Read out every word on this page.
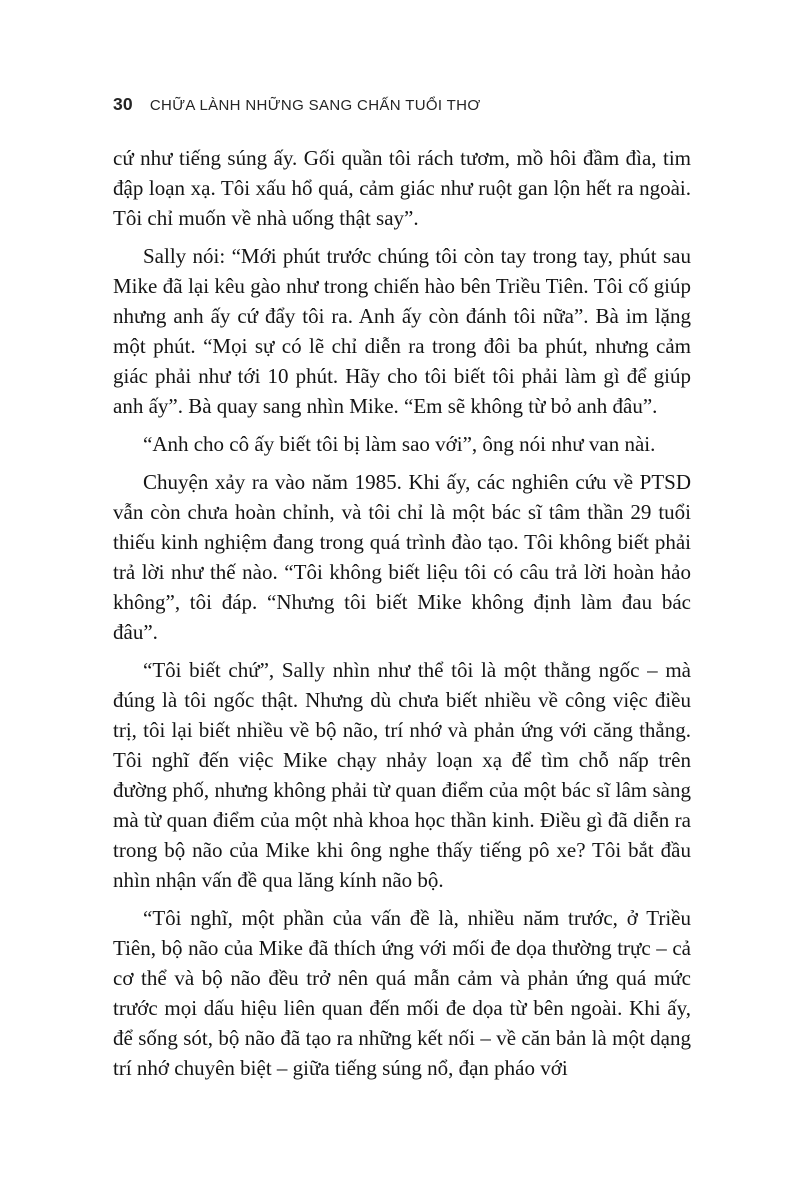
30 CHỮA LÀNH NHỮNG SANG CHẤN TUỔI THƠ

cứ như tiếng súng ấy. Gối quần tôi rách tươm, mồ hôi đầm đìa, tim đập loạn xạ. Tôi xấu hổ quá, cảm giác như ruột gan lộn hết ra ngoài. Tôi chỉ muốn về nhà uống thật say”.

Sally nói: “Mới phút trước chúng tôi còn tay trong tay, phút sau Mike đã lại kêu gào như trong chiến hào bên Triều Tiên. Tôi cố giúp nhưng anh ấy cứ đẩy tôi ra. Anh ấy còn đánh tôi nữa”. Bà im lặng một phút. “Mọi sự có lẽ chỉ diễn ra trong đôi ba phút, nhưng cảm giác phải như tới 10 phút. Hãy cho tôi biết tôi phải làm gì để giúp anh ấy”. Bà quay sang nhìn Mike. “Em sẽ không từ bỏ anh đâu”.

“Anh cho cô ấy biết tôi bị làm sao với”, ông nói như van nài.

Chuyện xảy ra vào năm 1985. Khi ấy, các nghiên cứu về PTSD vẫn còn chưa hoàn chỉnh, và tôi chỉ là một bác sĩ tâm thần 29 tuổi thiếu kinh nghiệm đang trong quá trình đào tạo. Tôi không biết phải trả lời như thế nào. “Tôi không biết liệu tôi có câu trả lời hoàn hảo không”, tôi đáp. “Nhưng tôi biết Mike không định làm đau bác đâu”.

“Tôi biết chứ”, Sally nhìn như thể tôi là một thằng ngốc – mà đúng là tôi ngốc thật. Nhưng dù chưa biết nhiều về công việc điều trị, tôi lại biết nhiều về bộ não, trí nhớ và phản ứng với căng thẳng. Tôi nghĩ đến việc Mike chạy nhảy loạn xạ để tìm chỗ nấp trên đường phố, nhưng không phải từ quan điểm của một bác sĩ lâm sàng mà từ quan điểm của một nhà khoa học thần kinh. Điều gì đã diễn ra trong bộ não của Mike khi ông nghe thấy tiếng pô xe? Tôi bắt đầu nhìn nhận vấn đề qua lăng kính não bộ.

“Tôi nghĩ, một phần của vấn đề là, nhiều năm trước, ở Triều Tiên, bộ não của Mike đã thích ứng với mối đe dọa thường trực – cả cơ thể và bộ não đều trở nên quá mẫn cảm và phản ứng quá mức trước mọi dấu hiệu liên quan đến mối đe dọa từ bên ngoài. Khi ấy, để sống sót, bộ não đã tạo ra những kết nối – về căn bản là một dạng trí nhớ chuyên biệt – giữa tiếng súng nổ, đạn pháo với
